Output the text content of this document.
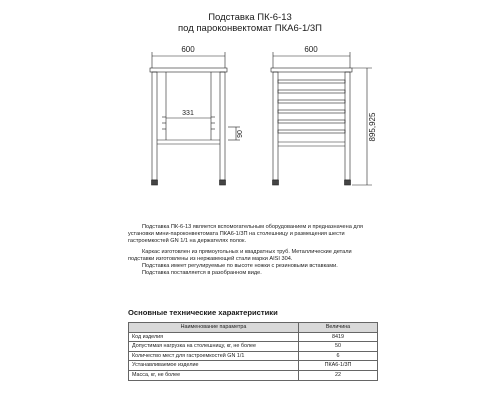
Подставка ПК-6-13
под пароконвектомат ПКА6-1/3П
600	600
331
90	895,925

Подставка ПК-6-13 является вспомогательным оборудованием и предназначена для установки мини-пароконвектомата ПКА6-1/3П на столешницу и размещения шести гастроемкостей GN 1/1 на держателях полок.

Каркас изготовлен из прямоугольных и квадратных труб. Металлические детали подставки изготовлены из нержавеющей стали марки AISI 304.

Подставка имеет регулируемые по высоте ножки с резиновыми вставками.

Подставка поставляется в разобранном виде.

Основные технические характеристики
Наименование параметра	Величина
Код изделия	8419
Допустимая нагрузка на столешницу, кг, не более	50
Количество мест для гастроемкостей GN 1/1	6
Устанавливаемое изделие	ПКА6-1/3П
Масса, кг, не более	22
